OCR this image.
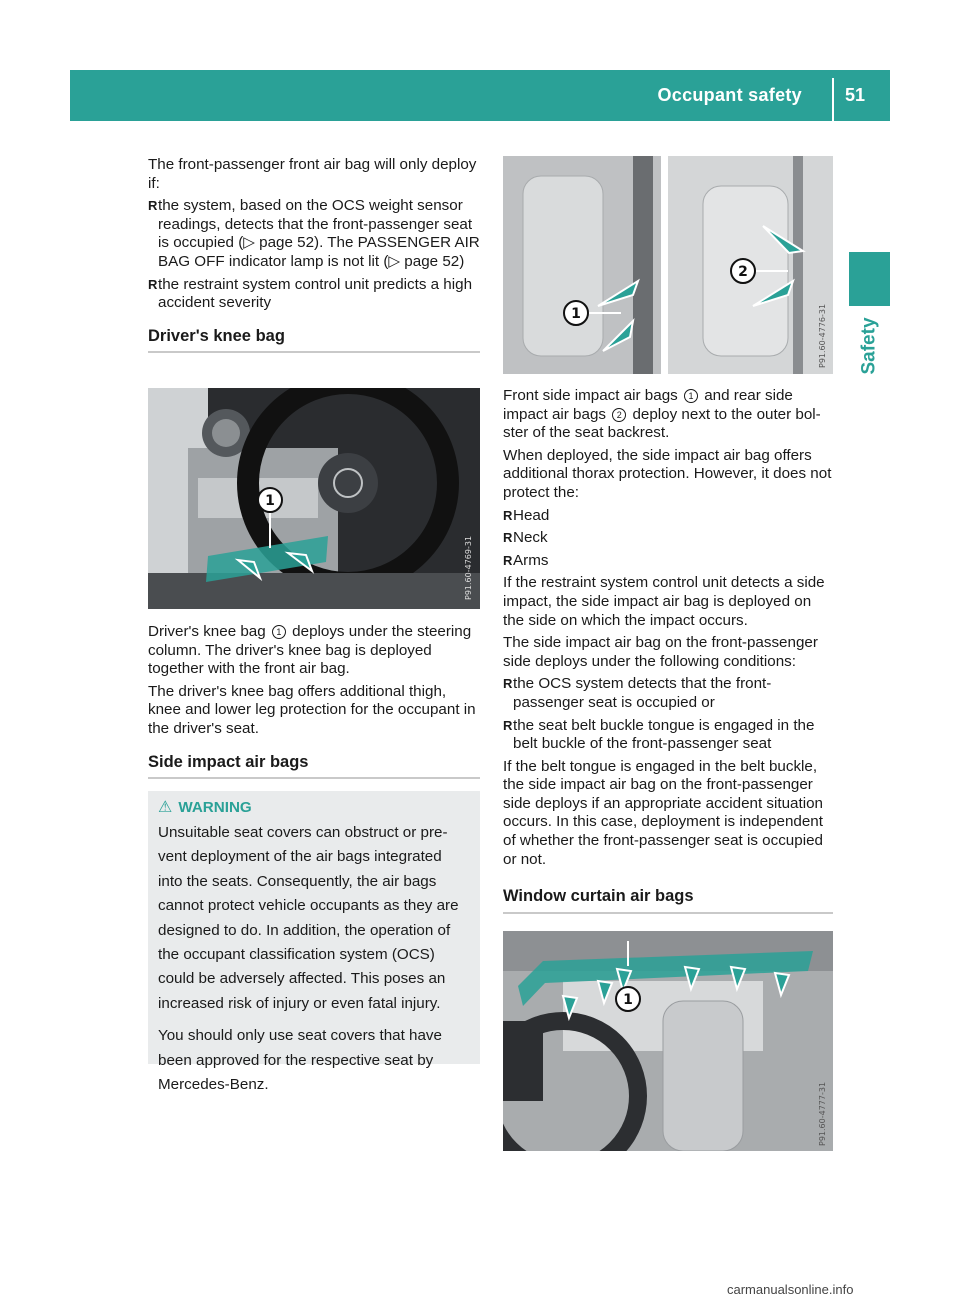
Occupant safety 51
Safety

The front-passenger front air bag will only deploy if:

R the system, based on the OCS weight sensor readings, detects that the front-passenger seat is occupied (▷ page 52). The PASSENGER AIR BAG OFF indicator lamp is not lit (▷ page 52)
R the restraint system control unit predicts a high accident severity
Driver's knee bag
1
P91.60-4769-31

Driver's knee bag 1 deploys under the steering column. The driver's knee bag is deployed together with the front air bag.

The driver's knee bag offers additional thigh, knee and lower leg protection for the occupant in the driver's seat.

Side impact air bags
⚠ WARNING

Unsuitable seat covers can obstruct or pre-vent deployment of the air bags integrated into the seats. Consequently, the air bags cannot protect vehicle occupants as they are designed to do. In addition, the operation of the occupant classification system (OCS) could be adversely affected. This poses an increased risk of injury or even fatal injury.

You should only use seat covers that have been approved for the respective seat by Mercedes-Benz.

1
2
P91.60-4776-31

Front side impact air bags 1 and rear side impact air bags 2 deploy next to the outer bol-ster of the seat backrest.

When deployed, the side impact air bag offers additional thorax protection. However, it does not protect the:

R Head
R Neck
R Arms

If the restraint system control unit detects a side impact, the side impact air bag is deployed on the side on which the impact occurs.

The side impact air bag on the front-passenger side deploys under the following conditions:

R the OCS system detects that the front-passenger seat is occupied or
R the seat belt buckle tongue is engaged in the belt buckle of the front-passenger seat

If the belt tongue is engaged in the belt buckle, the side impact air bag on the front-passenger side deploys if an appropriate accident situation occurs. In this case, deployment is independent of whether the front-passenger seat is occupied or not.

Window curtain air bags
1
P91.60-4777-31
carmanualsonline.info
